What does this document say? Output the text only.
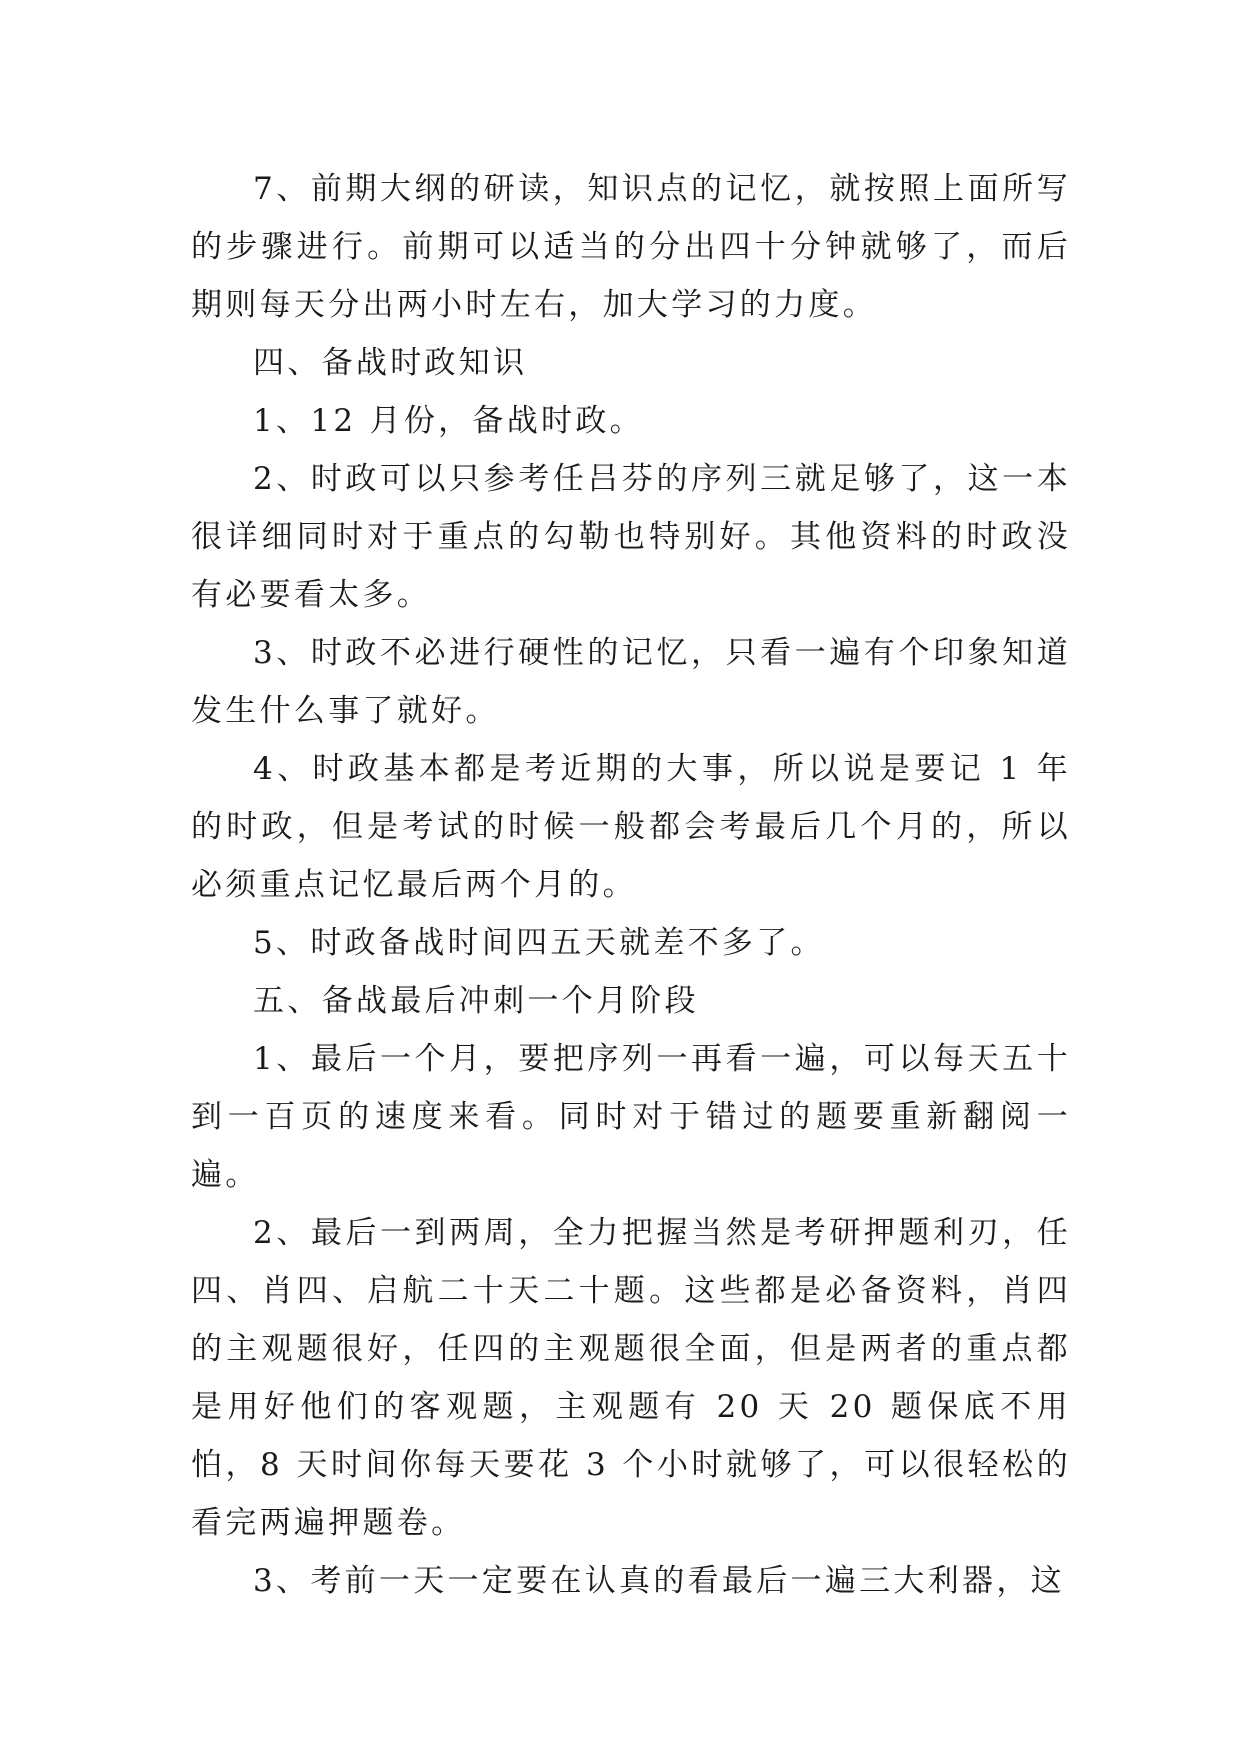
7、前期大纲的研读，知识点的记忆，就按照上面所写的步骤进行。前期可以适当的分出四十分钟就够了，而后期则每天分出两小时左右，加大学习的力度。

四、备战时政知识

1、12 月份，备战时政。

2、时政可以只参考任吕芬的序列三就足够了，这一本很详细同时对于重点的勾勒也特别好。其他资料的时政没有必要看太多。

3、时政不必进行硬性的记忆，只看一遍有个印象知道发生什么事了就好。

4、时政基本都是考近期的大事，所以说是要记 1 年的时政，但是考试的时候一般都会考最后几个月的，所以必须重点记忆最后两个月的。

5、时政备战时间四五天就差不多了。

五、备战最后冲刺一个月阶段

1、最后一个月，要把序列一再看一遍，可以每天五十到一百页的速度来看。同时对于错过的题要重新翻阅一遍。

2、最后一到两周，全力把握当然是考研押题利刃，任四、肖四、启航二十天二十题。这些都是必备资料，肖四的主观题很好，任四的主观题很全面，但是两者的重点都是用好他们的客观题，主观题有 20 天 20 题保底不用怕，8 天时间你每天要花 3 个小时就够了，可以很轻松的看完两遍押题卷。

3、考前一天一定要在认真的看最后一遍三大利器，这
